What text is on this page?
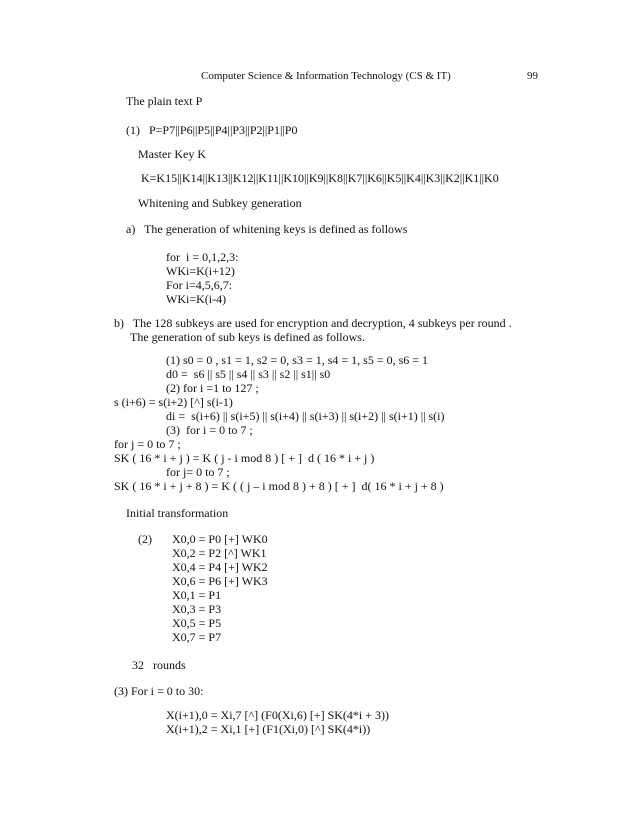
Computer Science & Information Technology (CS & IT)	99
The plain text P
(1)   P=P7||P6||P5||P4||P3||P2||P1||P0
Master Key K
K=K15||K14||K13||K12||K11||K10||K9||K8||K7||K6||K5||K4||K3||K2||K1||K0
Whitening and Subkey generation
a)   The generation of whitening keys is defined as follows
for  i = 0,1,2,3:
WKi=K(i+12)
For i=4,5,6,7:
WKi=K(i-4)
b)   The 128 subkeys are used for encryption and decryption, 4 subkeys per round .
The generation of sub keys is defined as follows.
(1) s0 = 0 , s1 = 1, s2 = 0, s3 = 1, s4 = 1, s5 = 0, s6 = 1
d0 =  s6 || s5 || s4 || s3 || s2 || s1|| s0
(2) for i =1 to 127 ;
s (i+6) = s(i+2) [^] s(i-1)
di =  s(i+6) || s(i+5) || s(i+4) || s(i+3) || s(i+2) || s(i+1) || s(i)
(3)  for i = 0 to 7 ;
for j = 0 to 7 ;
SK ( 16 * i + j ) = K ( j - i mod 8 ) [ + ]  d ( 16 * i + j )
for j= 0 to 7 ;
SK ( 16 * i + j + 8 ) = K ( ( j – i mod 8 ) + 8 ) [ + ]  d( 16 * i + j + 8 )
Initial transformation
(2) X0,0 = P0 [+] WK0
X0,2 = P2 [^] WK1
X0,4 = P4 [+] WK2
X0,6 = P6 [+] WK3
X0,1 = P1
X0,3 = P3
X0,5 = P5
X0,7 = P7
32   rounds
(3) For i = 0 to 30:
X(i+1),0 = Xi,7 [^] (F0(Xi,6) [+] SK(4*i + 3))
X(i+1),2 = Xi,1 [+] (F1(Xi,0) [^] SK(4*i))
